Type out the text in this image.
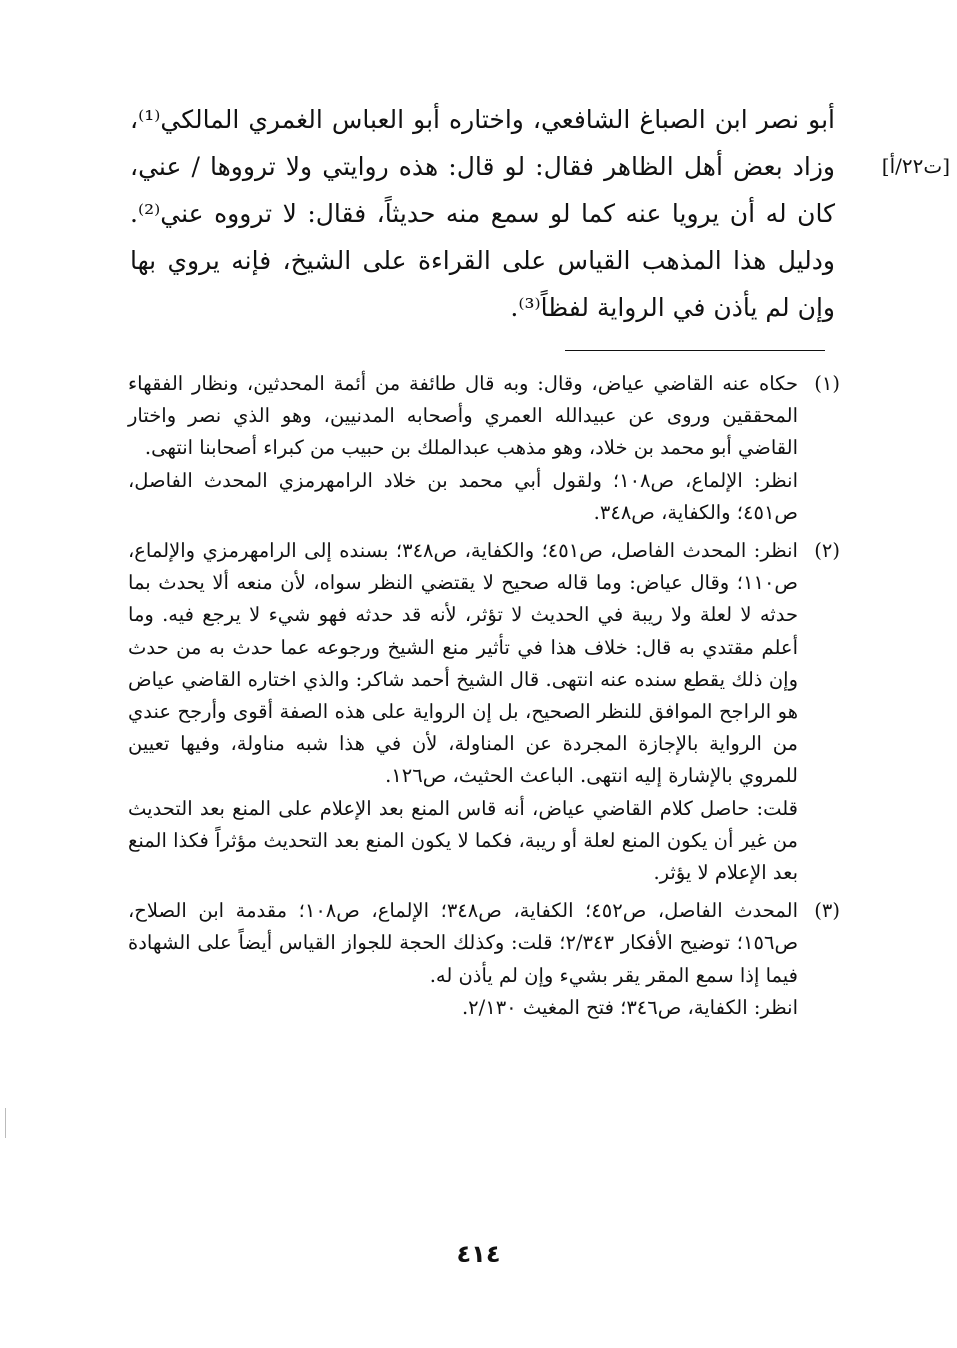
[ت٢٢/أ]

أبو نصر ابن الصباغ الشافعي، واختاره أبو العباس الغمري المالكي⁽¹⁾، وزاد بعض أهل الظاهر فقال: لو قال: هذه روايتي ولا ترووها / عني، كان له أن يرويا عنه كما لو سمع منه حديثاً، فقال: لا ترووه عني⁽²⁾. ودليل هذا المذهب القياس على القراءة على الشيخ، فإنه يروي بها وإن لم يأذن في الرواية لفظاً⁽³⁾.

(١)

حكاه عنه القاضي عياض، وقال: وبه قال طائفة من أئمة المحدثين، ونظار الفقهاء المحققين وروى عن عبيدالله العمري وأصحابه المدنيين، وهو الذي نصر واختار القاضي أبو محمد بن خلاد، وهو مذهب عبدالملك بن حبيب من كبراء أصحابنا انتهى.

انظر: الإلماع، ص١٠٨؛ ولقول أبي محمد بن خلاد الرامهرمزي المحدث الفاصل، ص٤٥١؛ والكفاية، ص٣٤٨.

(٢)

انظر: المحدث الفاصل، ص٤٥١؛ والكفاية، ص٣٤٨؛ بسنده إلى الرامهرمزي والإلماع، ص١١٠؛ وقال عياض: وما قاله صحيح لا يقتضي النظر سواه، لأن منعه ألا يحدث بما حدثه لا لعلة ولا ريبة في الحديث لا تؤثر، لأنه قد حدثه فهو شيء لا يرجع فيه. وما أعلم مقتدي به قال: خلاف هذا في تأثير منع الشيخ ورجوعه عما حدث به من حدث وإن ذلك يقطع سنده عنه انتهى. قال الشيخ أحمد شاكر: والذي اختاره القاضي عياض هو الراجح الموافق للنظر الصحيح، بل إن الرواية على هذه الصفة أقوى وأرجح عندي من الرواية بالإجازة المجردة عن المناولة، لأن في هذا شبه مناولة، وفيها تعيين للمروي بالإشارة إليه انتهى. الباعث الحثيث، ص١٢٦.

قلت: حاصل كلام القاضي عياض، أنه قاس المنع بعد الإعلام على المنع بعد التحديث من غير أن يكون المنع لعلة أو ريبة، فكما لا يكون المنع بعد التحديث مؤثراً فكذا المنع بعد الإعلام لا يؤثر.

(٣)

المحدث الفاصل، ص٤٥٢؛ الكفاية، ص٣٤٨؛ الإلماع، ص١٠٨؛ مقدمة ابن الصلاح، ص١٥٦؛ توضيح الأفكار ٢/٣٤٣؛ قلت: وكذلك الحجة للجواز القياس أيضاً على الشهادة فيما إذا سمع المقر يقر بشيء وإن لم يأذن له.

انظر: الكفاية، ص٣٤٦؛ فتح المغيث ٢/١٣٠.

٤١٤
